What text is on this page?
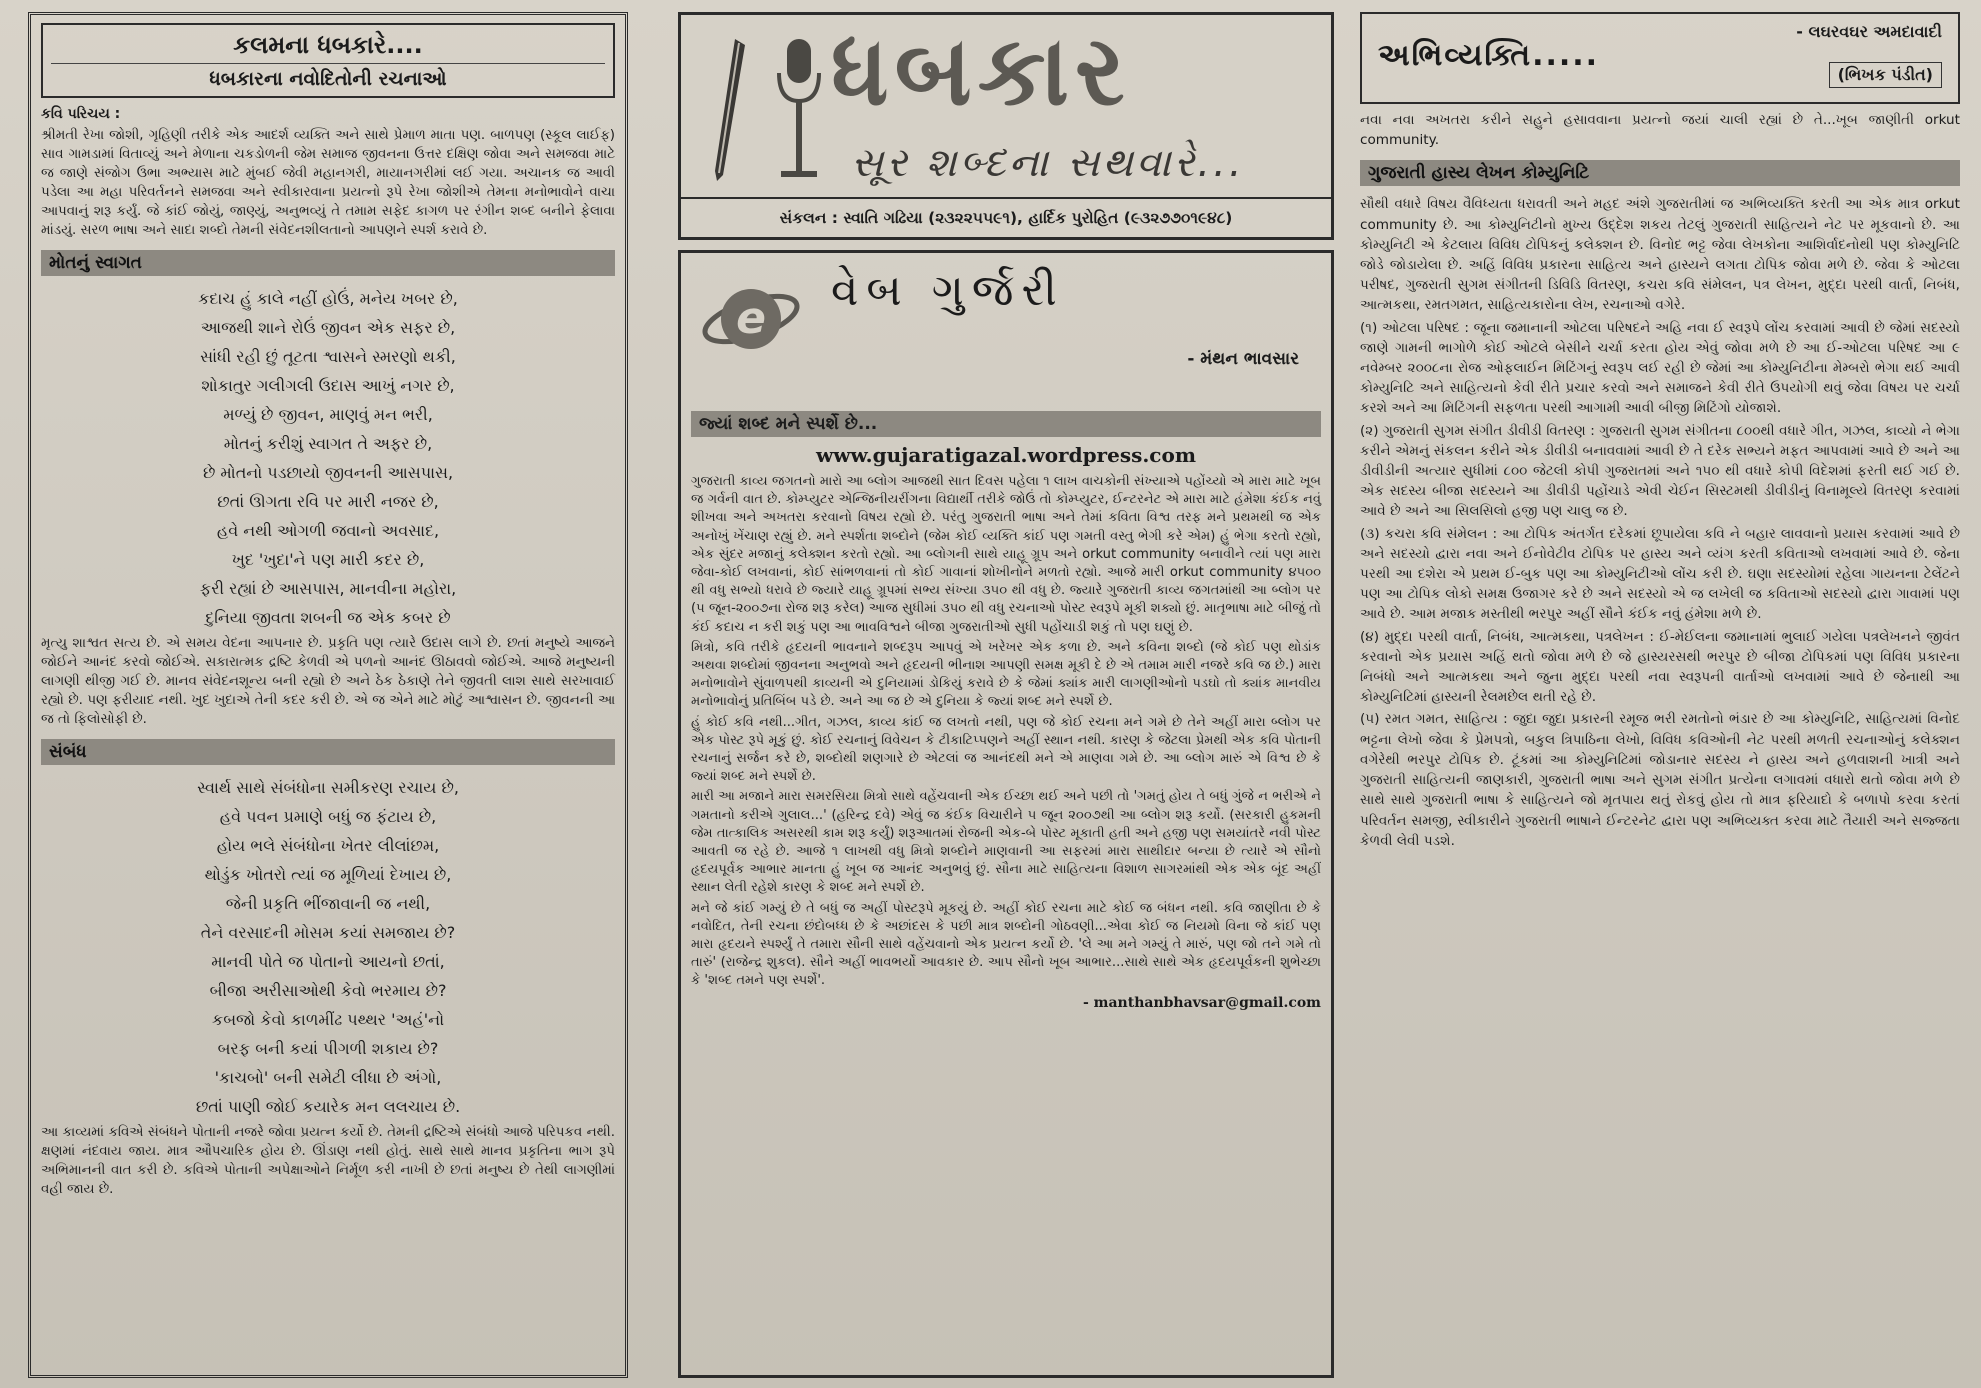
કલમના ધબકારે....
ધબકારના નવોદિતોની રચનાઓ
કવિ પરિચય :
શ્રીમતી રેખા જોશી, ગૃહિણી તરીકે એક આદર્શ વ્યક્તિ અને સાથે પ્રેમાળ માતા પણ. બાળપણ (સ્કૂલ લાઈફ) સાવ ગામડામાં વિતાવ્યું અને મેળાના ચકડોળની જેમ સમાજ જીવનના ઉત્તર દક્ષિણ જોવા અને સમજવા માટે જ જાણે સંજોગ ઉભા અભ્યાસ માટે મુંબઈ જેવી મહાનગરી, માયાનગરીમાં લઈ ગયા. અચાનક જ આવી પડેલા આ મહા પરિવર્તનને સમજવા અને સ્વીકારવાના પ્રયત્નો રૂપે રેખા જોશીએ તેમના મનોભાવોને વાચા આપવાનું શરૂ કર્યું. જે કાંઈ જોયું, જાણ્યું, અનુભવ્યું તે તમામ સફેદ કાગળ પર રંગીન શબ્દ બનીને ફેલાવા માંડયું. સરળ ભાષા અને સાદા શબ્દો તેમની સંવેદનશીલતાનો આપણને સ્પર્શ કરાવે છે.
મોતનું સ્વાગત
કદાચ હું કાલે નહીં હોઉં, મનેય ખબર છે,
આજથી શાને રોઉં જીવન એક સફર છે,
સાંધી રહી છું તૂટતા શ્વાસને સ્મરણો થકી,
શોકાતુર ગલીગલી ઉદાસ આખું નગર છે,
મળ્યું છે જીવન, માણવું મન ભરી,
મોતનું કરીશું સ્વાગત તે અફર છે,
છે મોતનો પડછાયો જીવનની આસપાસ,
છતાં ઊગતા રવિ પર મારી નજર છે,
હવે નથી ઓગળી જવાનો અવસાદ,
ખુદ 'ખુદા'ને પણ મારી કદર છે,
ફરી રહ્યાં છે આસપાસ, માનવીના મહોરા,
દુનિયા જીવતા શબની જ એક કબર છે
મૃત્યુ શાશ્વત સત્ય છે. એ સમય વેદના આપનાર છે. પ્રકૃતિ પણ ત્યારે ઉદાસ લાગે છે. છતાં મનુષ્યે આજને જોઈને આનંદ કરવો જોઈએ. સકારાત્મક દ્રષ્ટિ કેળવી એ પળનો આનંદ ઊઠાવવો જોઈએ. આજે મનુષ્યની લાગણી થીજી ગઈ છે. માનવ સંવેદનશૂન્ય બની રહ્યો છે અને ઠેક ઠેકાણે તેને જીવતી લાશ સાથે સરખાવાઈ રહ્યો છે. પણ ફરીયાદ નથી. ખુદ ખુદાએ તેની કદર કરી છે. એ જ એને માટે મોટું આશ્વાસન છે. જીવનની આ જ તો ફિલોસોફી છે.
સંબંધ
સ્વાર્થ સાથે સંબંધોના સમીકરણ રચાય છે,
હવે પવન પ્રમાણે બધું જ ફંટાય છે,
હોય ભલે સંબંધોના ખેતર લીલાંછમ,
થોડુંક ખોતરો ત્યાં જ મૂળિયાં દેખાય છે,
જેની પ્રકૃતિ ભીંજાવાની જ નથી,
તેને વરસાદની મોસમ કયાં સમજાય છે?
માનવી પોતે જ પોતાનો આયનો છતાં,
બીજા અરીસાઓથી કેવો ભરમાય છે?
કબજો કેવો કાળમીંઢ પથ્થર 'અહં'નો
બરફ બની કયાં પીગળી શકાય છે?
'કાચબો' બની સમેટી લીધા છે અંગો,
છતાં પાણી જોઈ કયારેક મન લલચાય છે.
આ કાવ્યમાં કવિએ સંબંધને પોતાની નજરે જોવા પ્રયત્ન કર્યો છે. તેમની દ્રષ્ટિએ સંબંધો આજે પરિપકવ નથી. ક્ષણમાં નંદવાય જાય. માત્ર ઔપચારિક હોય છે. ઊંડાણ નથી હોતું. સાથે સાથે માનવ પ્રકૃતિના ભાગ રૂપે અભિમાનની વાત કરી છે. કવિએ પોતાની અપેક્ષાઓને નિર્મૂળ કરી નાખી છે છતાં મનુષ્ય છે તેથી લાગણીમાં વહી જાય છે.
ધબકાર
સૂર શબ્દના સથવારે...
સંકલન : સ્વાતિ ગઢિયા (૨૩૨૨૫૫૯૧), હાર્દિક પુરોહિત (૯૩૨૭૭૦૧૯૪૮)
e
વેબ ગુર્જરી
- મંથન ભાવસાર
જ્યાં શબ્દ મને સ્પર્શે છે...
www.gujaratigazal.wordpress.com
ગુજરાતી કાવ્ય જગતનો મારો આ બ્લોગ આજથી સાત દિવસ પહેલા ૧ લાખ વાચકોની સંખ્યાએ પહોંચ્યો એ મારા માટે ખૂબ જ ગર્વની વાત છે. કોમ્પ્યુટર એન્જિનીયરીંગના વિદ્યાર્થી તરીકે જોઉં તો કોમ્પ્યુટર, ઈન્ટરનેટ એ મારા માટે હંમેશા કંઈક નવું શીખવા અને અખતરા કરવાનો વિષય રહ્યો છે. પરંતુ ગુજરાતી ભાષા અને તેમાં કવિતા વિશ્વ તરફ મને પ્રથમથી જ એક અનોખું ખેંચાણ રહ્યું છે. મને સ્પર્શતા શબ્દોને (જેમ કોઈ વ્યક્તિ કાંઈ પણ ગમતી વસ્તુ ભેગી કરે એમ) હું ભેગા કરતો રહ્યો, એક સુંદર મજાનું કલેક્શન કરતો રહ્યો. આ બ્લોગની સાથે યાહૂ ગ્રૂપ અને orkut community બનાવીને ત્યાં પણ મારા જેવા-કોઈ લખવાનાં, કોઈ સાંભળવાનાં તો કોઈ ગાવાનાં શોખીનોને મળતો રહ્યો. આજે મારી orkut community ૪૫૦૦ થી વધુ સભ્યો ધરાવે છે જ્યારે યાહૂ ગ્રૂપમાં સભ્ય સંખ્યા ૩૫૦ થી વધુ છે. જ્યારે ગુજરાતી કાવ્ય જગતમાંથી આ બ્લોગ પર (૫ જૂન-૨૦૦૭ના રોજ શરૂ કરેલ) આજ સુધીમાં ૩૫૦ થી વધુ રચનાઓ પોસ્ટ સ્વરૂપે મૂકી શક્યો છું. માતૃભાષા માટે બીજું તો કંઈ કદાચ ન કરી શકું પણ આ ભાવવિશ્વને બીજા ગુજરાતીઓ સુધી પહોંચાડી શકું તો પણ ઘણું છે.
મિત્રો, કવિ તરીકે હૃદયની ભાવનાને શબ્દરૂપ આપવું એ ખરેખર એક કળા છે. અને કવિના શબ્દો (જે કોઈ પણ થોડાંક અથવા શબ્દોમાં જીવનના અનુભવો અને હૃદયની ભીનાશ આપણી સમક્ષ મૂકી દે છે એ તમામ મારી નજરે કવિ જ છે.) મારા મનોભાવોને સુંવાળપથી કાવ્યની એ દુનિયામાં ડોકિયું કરાવે છે કે જેમાં ક્યાંક મારી લાગણીઓનો પડઘો તો ક્યાંક માનવીય મનોભાવોનું પ્રતિબિંબ પડે છે. અને આ જ છે એ દુનિયા કે જ્યાં શબ્દ મને સ્પર્શે છે.
હું કોઈ કવિ નથી...ગીત, ગઝલ, કાવ્ય કાંઈ જ લખતો નથી, પણ જે કોઈ રચના મને ગમે છે તેને અહીં મારા બ્લોગ પર એક પોસ્ટ રૂપે મૂકું છું. કોઈ રચનાનું વિવેચન કે ટીકાટિપ્પણને અહીં સ્થાન નથી. કારણ કે જેટલા પ્રેમથી એક કવિ પોતાની રચનાનું સર્જન કરે છે, શબ્દોથી શણગારે છે એટલાં જ આનંદથી મને એ માણવા ગમે છે. આ બ્લોગ મારું એ વિશ્વ છે કે જ્યાં શબ્દ મને સ્પર્શે છે.
મારી આ મજાને મારા સમરસિયા મિત્રો સાથે વહેંચવાની એક ઈચ્છા થઈ અને પછી તો 'ગમતું હોય તે બધું ગુંજે ન ભરીએ ને ગમતાનો કરીએ ગુલાલ...' (હરિન્દ્ર દવે) એવું જ કંઈક વિચારીને ૫ જૂન ૨૦૦૭થી આ બ્લોગ શરૂ કર્યો. (સરકારી હુકમની જેમ તાત્કાલિક અસરથી કામ શરૂ કર્યું) શરૂઆતમાં રોજની એક-બે પોસ્ટ મૂકાતી હતી અને હજી પણ સમયાંતરે નવી પોસ્ટ આવતી જ રહે છે. આજે ૧ લાખથી વધુ મિત્રો શબ્દોને માણવાની આ સફરમાં મારા સાથીદાર બન્યા છે ત્યારે એ સૌનો હૃદયપૂર્વક આભાર માનતા હું ખૂબ જ આનંદ અનુભવું છું. સૌના માટે સાહિત્યના વિશાળ સાગરમાંથી એક એક બૂંદ અહીં સ્થાન લેતી રહેશે કારણ કે શબ્દ મને સ્પર્શે છે.
મને જે કાંઈ ગમ્યું છે તે બધું જ અહીં પોસ્ટરૂપે મૂકયું છે. અહીં કોઈ રચના માટે કોઈ જ બંધન નથી. કવિ જાણીતા છે કે નવોદિત, તેની રચના છંદોબધ્ધ છે કે અછાંદસ કે પછી માત્ર શબ્દોની ગોઠવણી...એવા કોઈ જ નિયમો વિના જે કાંઈ પણ મારા હૃદયને સ્પર્શ્યું તે તમારા સૌની સાથે વહેંચવાનો એક પ્રયત્ન કર્યો છે. 'લે આ મને ગમ્યું તે મારું, પણ જો તને ગમે તો તારું' (રાજેન્દ્ર શુકલ). સૌને અહીં ભાવભર્યો આવકાર છે. આપ સૌનો ખૂબ આભાર...સાથે સાથે એક હૃદયપૂર્વકની શુભેચ્છા કે 'શબ્દ તમને પણ સ્પર્શે'.
- manthanbhavsar@gmail.com
અભિવ્યક્તિ.....
- લઘરવઘર અમદાવાદી
(ભિખક પંડીત)
નવા નવા અખતરા કરીને સહુને હસાવવાના પ્રયત્નો જયાં ચાલી રહ્યાં છે તે...ખૂબ જાણીતી orkut community.
ગુજરાતી હાસ્ય લેખન કોમ્યુનિટિ
સૌથી વધારે વિષય વૈવિધ્યતા ધરાવતી અને મહદ અંશે ગુજરાતીમાં જ અભિવ્યક્તિ કરતી આ એક માત્ર orkut community છે. આ કોમ્યુનિટીનો મુખ્ય ઉદ્દેશ શકય તેટલું ગુજરાતી સાહિત્યને નેટ પર મૂકવાનો છે. આ કોમ્યુનિટી એ કેટલાય વિવિધ ટોપિકનું કલેક્શન છે. વિનોદ ભટ્ટ જેવા લેખકોના આશિર્વાદનોથી પણ કોમ્યુનિટિ જોડે જોડાયેલા છે. અહિં વિવિધ પ્રકારના સાહિત્ય અને હાસ્યને લગતા ટોપિક જોવા મળે છે. જેવા કે ઓટલા પરીષદ, ગુજરાતી સુગમ સંગીતની ડિવિડિ વિતરણ, કચરા કવિ સંમેલન, પત્ર લેખન, મુદ્દા પરથી વાર્તા, નિબંધ, આત્મકથા, રમતગમત, સાહિત્યકારોના લેખ, રચનાઓ વગેરે.
(૧) ઓટલા પરિષદ : જૂના જમાનાની ઓટલા પરિષદને અહિ નવા ઈ સ્વરૂપે લોંચ કરવામાં આવી છે જેમાં સદસ્યો જાણે ગામની ભાગોળે કોઈ ઓટલે બેસીને ચર્ચા કરતા હોય એવું જોવા મળે છે આ ઈ-ઓટલા પરિષદ આ ૯ નવેમ્બર ૨૦૦૮ના રોજ ઓફલાઈન મિટિંગનું સ્વરૂપ લઈ રહી છે જેમાં આ કોમ્યુનિટીના મેમ્બરો ભેગા થઈ આવી કોમ્યુનિટિ અને સાહિત્યનો કેવી રીતે પ્રચાર કરવો અને સમાજને કેવી રીતે ઉપયોગી થવું જેવા વિષય પર ચર્ચા કરશે અને આ મિટિંગની સફળતા પરથી આગામી આવી બીજી મિટિંગો યોજાશે.
(૨) ગુજરાતી સુગમ સંગીત ડીવીડી વિતરણ : ગુજરાતી સુગમ સંગીતના ૮૦૦થી વધારે ગીત, ગઝલ, કાવ્યો ને ભેગા કરીને એમનું સંકલન કરીને એક ડીવીડી બનાવવામાં આવી છે તે દરેક સભ્યને મફત આપવામાં આવે છે અને આ ડીવીડીની અત્યાર સુધીમાં ૮૦૦ જેટલી કોપી ગુજરાતમાં અને ૧૫૦ થી વધારે કોપી વિદેશમાં ફરતી થઈ ગઈ છે. એક સદસ્ય બીજા સદસ્યને આ ડીવીડી પહોંચાડે એવી ચેઈન સિસ્ટમથી ડીવીડીનું વિનામૂલ્યે વિતરણ કરવામાં આવે છે અને આ સિલસિલો હજી પણ ચાલુ જ છે.
(૩) કચરા કવિ સંમેલન : આ ટોપિક અંતર્ગત દરેકમાં છૂપાયેલા કવિ ને બહાર લાવવાનો પ્રયાસ કરવામાં આવે છે અને સદસ્યો દ્વારા નવા અને ઈનોવેટીવ ટોપિક પર હાસ્ય અને વ્યંગ કરતી કવિતાઓ લખવામાં આવે છે. જેના પરથી આ દશેરા એ પ્રથમ ઈ-બુક પણ આ કોમ્યુનિટીઓ લોંચ કરી છે. ઘણા સદસ્યોમાં રહેલા ગાયનના ટેલેંટને પણ આ ટોપિક લોકો સમક્ષ ઉજાગર કરે છે અને સદસ્યો એ જ લખેલી જ કવિતાઓ સદસ્યો દ્વારા ગાવામાં પણ આવે છે. આમ મજાક મસ્તીથી ભરપુર અહીં સૌને કંઈક નવું હંમેશા મળે છે.
(૪) મુદ્દા પરથી વાર્તા, નિબંધ, આત્મકથા, પત્રલેખન : ઈ-મેઈલના જમાનામાં ભુલાઈ ગયેલા પત્રલેખનને જીવંત કરવાનો એક પ્રયાસ અહિં થતો જોવા મળે છે જે હાસ્યરસથી ભરપુર છે બીજા ટોપિકમાં પણ વિવિધ પ્રકારના નિબંધો અને આત્મકથા અને જુના મુદ્દા પરથી નવા સ્વરૂપની વાર્તાઓ લખવામાં આવે છે જેનાથી આ કોમ્યુનિટિમાં હાસ્યની રેલમછેલ થતી રહે છે.
(૫) રમત ગમત, સાહિત્ય : જુદા જુદા પ્રકારની રમૂજ ભરી રમતોનો ભંડાર છે આ કોમ્યુનિટિ, સાહિત્યમાં વિનોદ ભટ્ટના લેખો જેવા કે પ્રેમપત્રો, બકુલ ત્રિપાઠિના લેખો, વિવિધ કવિઓની નેટ પરથી મળતી રચનાઓનું કલેક્શન વગેરેથી ભરપુર ટોપિક છે. ટૂંકમાં આ કોમ્યુનિટિમાં જોડાનાર સદસ્ય ને હાસ્ય અને હળવાશની ખાત્રી અને ગુજરાતી સાહિત્યની જાણકારી, ગુજરાતી ભાષા અને સુગમ સંગીત પ્રત્યેના લગાવમાં વધારો થતો જોવા મળે છે સાથે સાથે ગુજરાતી ભાષા કે સાહિત્યને જો મૃતપાય થતું રોકવું હોય તો માત્ર ફરિયાદો કે બળાપો કરવા કરતાં પરિવર્તન સમજી, સ્વીકારીને ગુજરાતી ભાષાને ઈન્ટરનેટ દ્વારા પણ અભિવ્યક્ત કરવા માટે તૈયારી અને સજ્જતા કેળવી લેવી પડશે.
